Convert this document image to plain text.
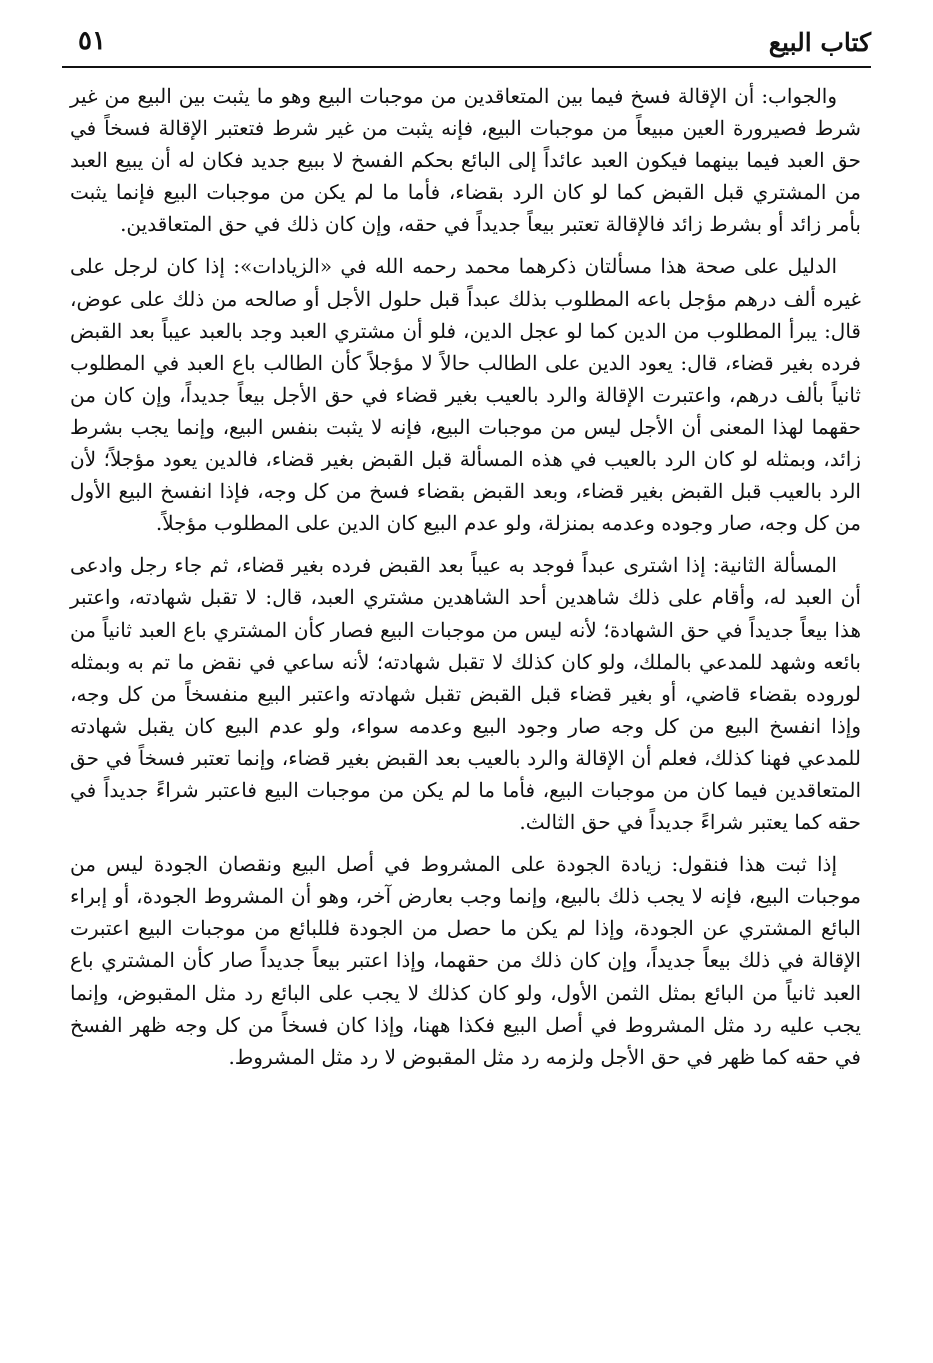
كتاب البيع
٥١

والجواب: أن الإقالة فسخ فيما بين المتعاقدين من موجبات البيع وهو ما يثبت بين البيع من غير شرط فصيرورة العين مبيعاً من موجبات البيع، فإنه يثبت من غير شرط فتعتبر الإقالة فسخاً في حق العبد فيما بينهما فيكون العبد عائداً إلى البائع بحكم الفسخ لا ببيع جديد فكان له أن يبيع العبد من المشتري قبل القبض كما لو كان الرد بقضاء، فأما ما لم يكن من موجبات البيع فإنما يثبت بأمر زائد أو بشرط زائد فالإقالة تعتبر بيعاً جديداً في حقه، وإن كان ذلك في حق المتعاقدين.

الدليل على صحة هذا مسألتان ذكرهما محمد رحمه الله في «الزيادات»: إذا كان لرجل على غيره ألف درهم مؤجل باعه المطلوب بذلك عبداً قبل حلول الأجل أو صالحه من ذلك على عوض، قال: يبرأ المطلوب من الدين كما لو عجل الدين، فلو أن مشتري العبد وجد بالعبد عيباً بعد القبض فرده بغير قضاء، قال: يعود الدين على الطالب حالاً لا مؤجلاً كأن الطالب باع العبد في المطلوب ثانياً بألف درهم، واعتبرت الإقالة والرد بالعيب بغير قضاء في حق الأجل بيعاً جديداً، وإن كان من حقهما لهذا المعنى أن الأجل ليس من موجبات البيع، فإنه لا يثبت بنفس البيع، وإنما يجب بشرط زائد، وبمثله لو كان الرد بالعيب في هذه المسألة قبل القبض بغير قضاء، فالدين يعود مؤجلاً؛ لأن الرد بالعيب قبل القبض بغير قضاء، وبعد القبض بقضاء فسخ من كل وجه، فإذا انفسخ البيع الأول من كل وجه، صار وجوده وعدمه بمنزلة، ولو عدم البيع كان الدين على المطلوب مؤجلاً.

المسألة الثانية: إذا اشترى عبداً فوجد به عيباً بعد القبض فرده بغير قضاء، ثم جاء رجل وادعى أن العبد له، وأقام على ذلك شاهدين أحد الشاهدين مشتري العبد، قال: لا تقبل شهادته، واعتبر هذا بيعاً جديداً في حق الشهادة؛ لأنه ليس من موجبات البيع فصار كأن المشتري باع العبد ثانياً من بائعه وشهد للمدعي بالملك، ولو كان كذلك لا تقبل شهادته؛ لأنه ساعي في نقض ما تم به وبمثله لوروده بقضاء قاضي، أو بغير قضاء قبل القبض تقبل شهادته واعتبر البيع منفسخاً من كل وجه، وإذا انفسخ البيع من كل وجه صار وجود البيع وعدمه سواء، ولو عدم البيع كان يقبل شهادته للمدعي فهنا كذلك، فعلم أن الإقالة والرد بالعيب بعد القبض بغير قضاء، وإنما تعتبر فسخاً في حق المتعاقدين فيما كان من موجبات البيع، فأما ما لم يكن من موجبات البيع فاعتبر شراءً جديداً في حقه كما يعتبر شراءً جديداً في حق الثالث.

إذا ثبت هذا فنقول: زيادة الجودة على المشروط في أصل البيع ونقصان الجودة ليس من موجبات البيع، فإنه لا يجب ذلك بالبيع، وإنما وجب بعارض آخر، وهو أن المشروط الجودة، أو إبراء البائع المشتري عن الجودة، وإذا لم يكن ما حصل من الجودة فللبائع من موجبات البيع اعتبرت الإقالة في ذلك بيعاً جديداً، وإن كان ذلك من حقهما، وإذا اعتبر بيعاً جديداً صار كأن المشتري باع العبد ثانياً من البائع بمثل الثمن الأول، ولو كان كذلك لا يجب على البائع رد مثل المقبوض، وإنما يجب عليه رد مثل المشروط في أصل البيع فكذا ههنا، وإذا كان فسخاً من كل وجه ظهر الفسخ في حقه كما ظهر في حق الأجل ولزمه رد مثل المقبوض لا رد مثل المشروط.
